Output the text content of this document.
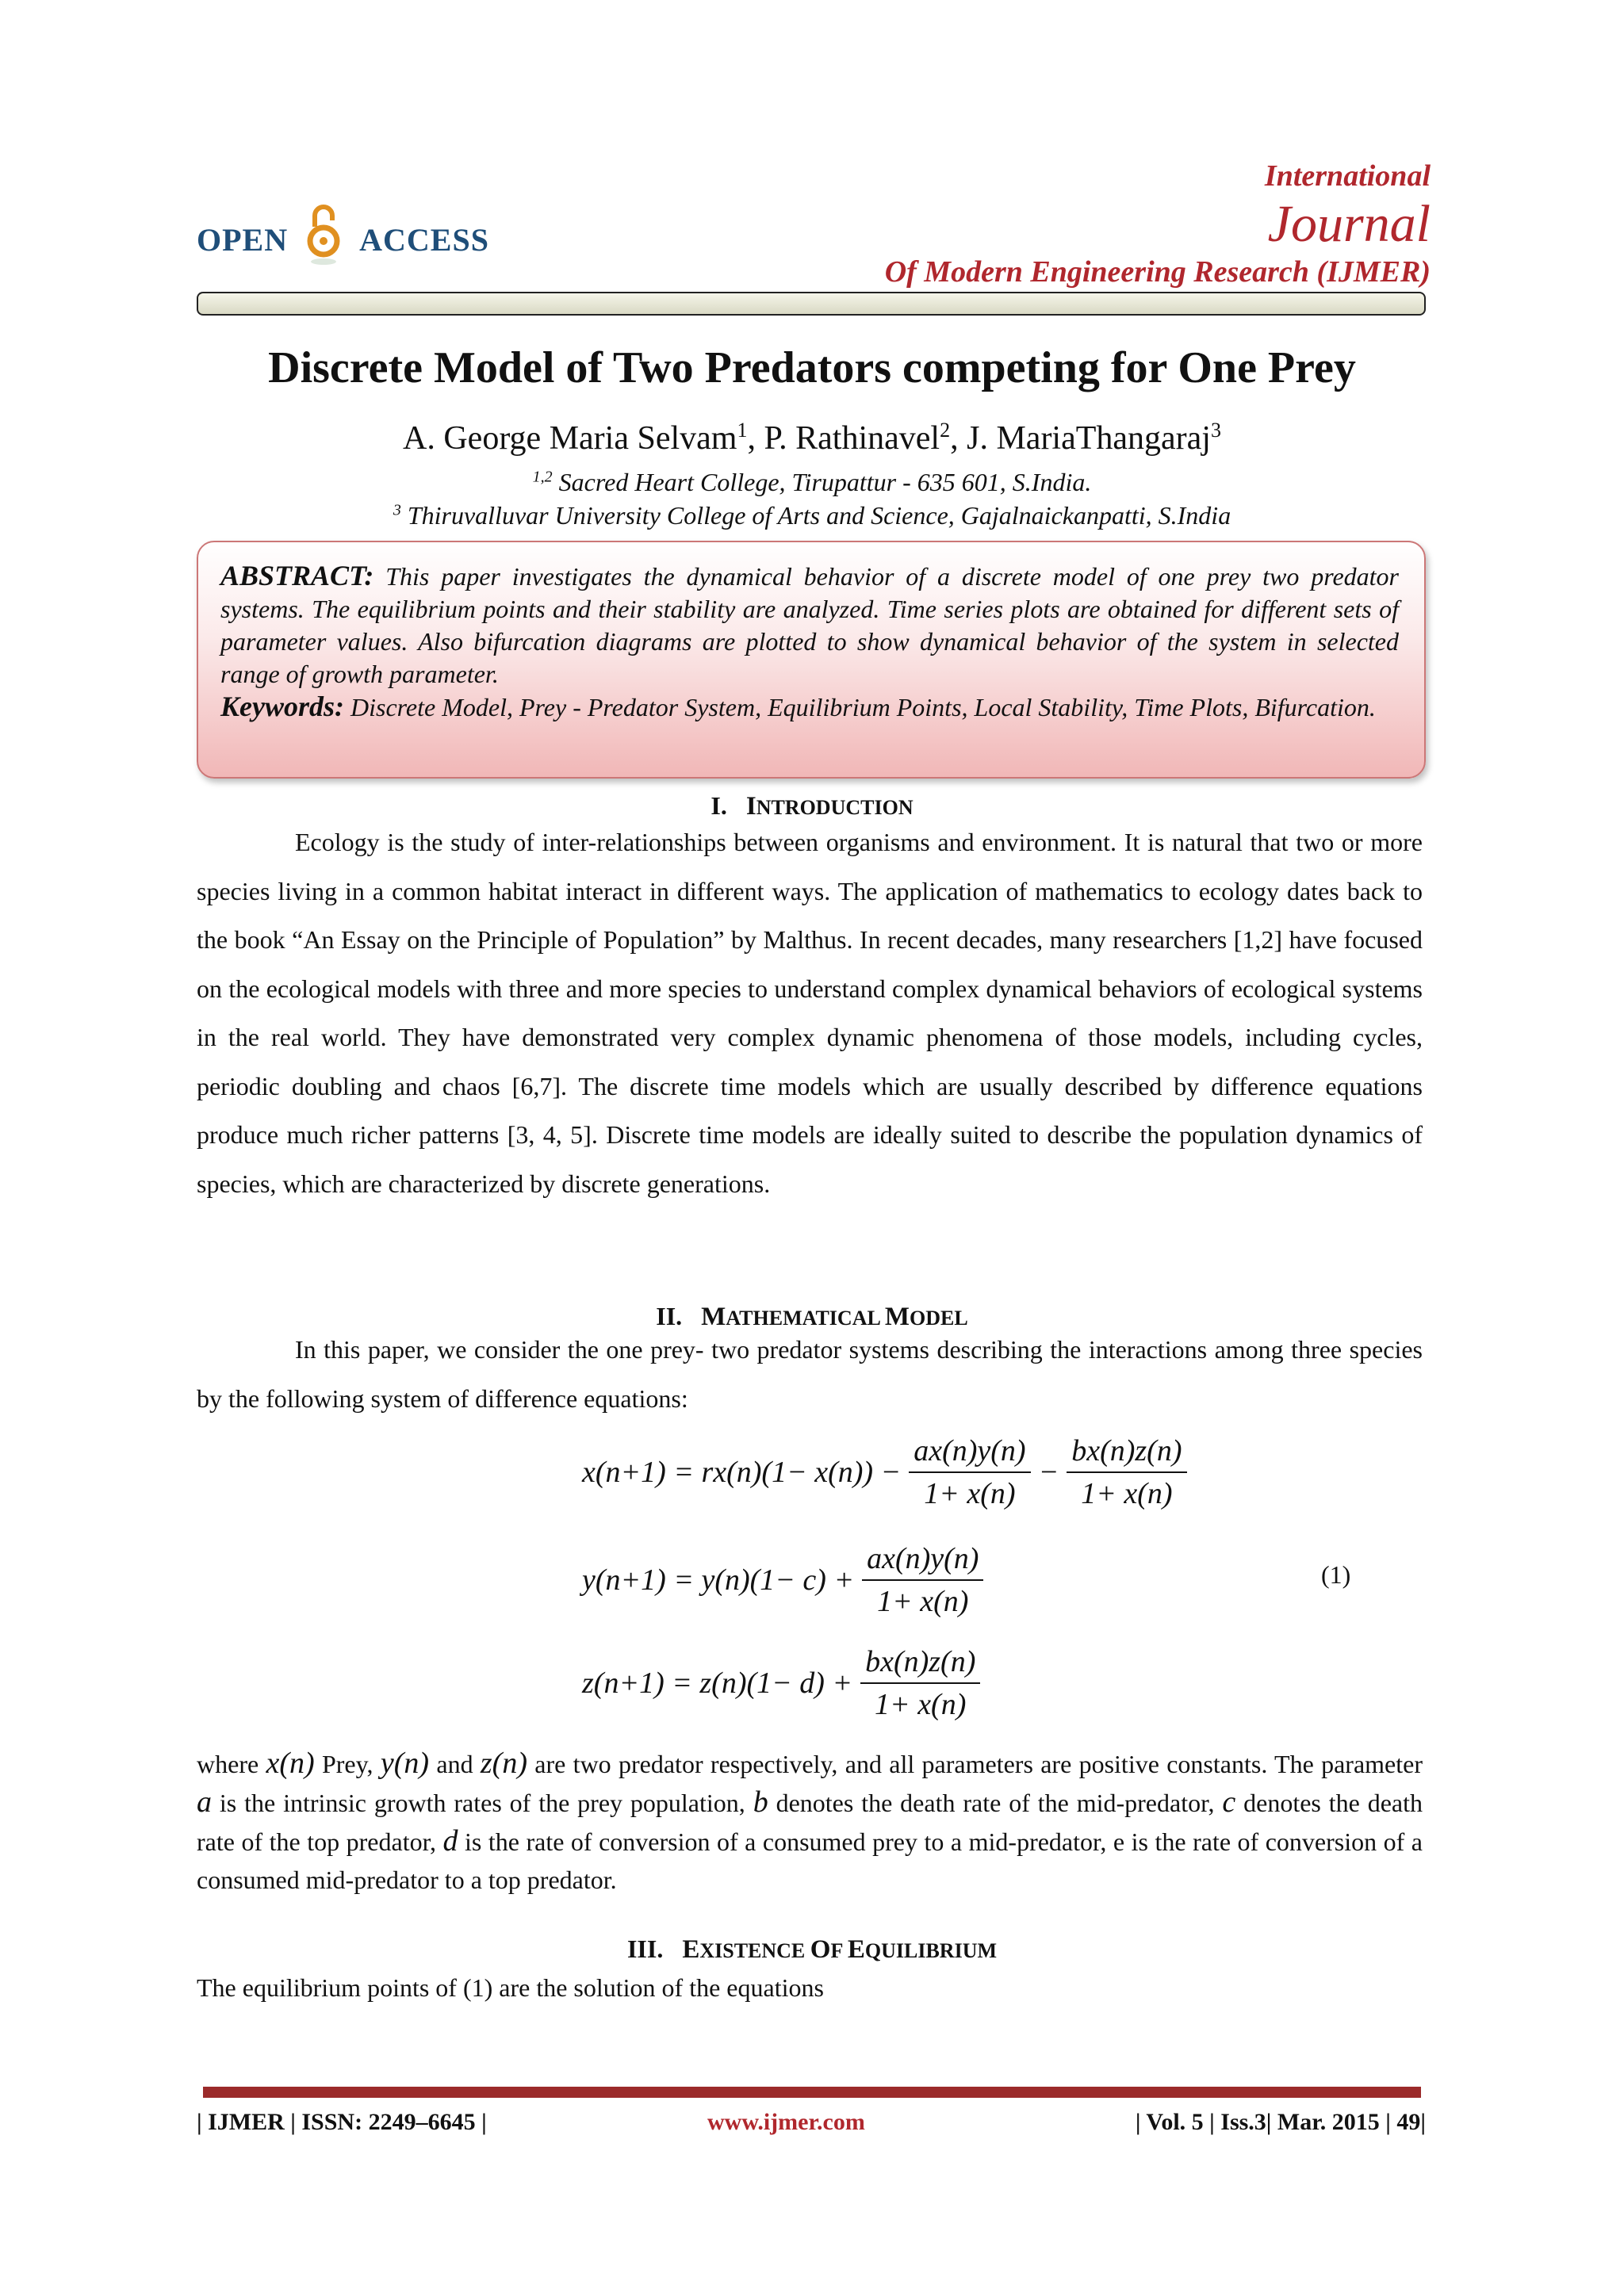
OPEN ACCESS
International
Journal
Of Modern Engineering Research (IJMER)
Discrete Model of Two Predators competing for One Prey
A. George Maria Selvam$^1$, P. Rathinavel$^2$, J. MariaThangaraj$^3$
$^{1,2}$ Sacred Heart College, Tirupattur - 635 601, S.India.
$^3$ Thiruvalluvar University College of Arts and Science, Gajalnaickanpatti, S.India
ABSTRACT: This paper investigates the dynamical behavior of a discrete model of one prey two predator systems. The equilibrium points and their stability are analyzed. Time series plots are obtained for different sets of parameter values. Also bifurcation diagrams are plotted to show dynamical behavior of the system in selected range of growth parameter.
Keywords: Discrete Model, Prey - Predator System, Equilibrium Points, Local Stability, Time Plots, Bifurcation.
I. INTRODUCTION
Ecology is the study of inter-relationships between organisms and environment. It is natural that two or more species living in a common habitat interact in different ways. The application of mathematics to ecology dates back to the book “An Essay on the Principle of Population” by Malthus. In recent decades, many researchers [1,2] have focused on the ecological models with three and more species to understand complex dynamical behaviors of ecological systems in the real world. They have demonstrated very complex dynamic phenomena of those models, including cycles, periodic doubling and chaos [6,7]. The discrete time models which are usually described by difference equations produce much richer patterns [3, 4, 5]. Discrete time models are ideally suited to describe the population dynamics of species, which are characterized by discrete generations.
II. MATHEMATICAL MODEL
In this paper, we consider the one prey- two predator systems describing the interactions among three species by the following system of difference equations:
$x(n+1) = rx(n)(1- x(n)) - \frac{ax(n)y(n)}{1+ x(n)} - \frac{bx(n)z(n)}{1+ x(n)}$
$y(n+1) = y(n)(1- c) + \frac{ax(n)y(n)}{1+ x(n)}$	(1)
$z(n+1) = z(n)(1- d) + \frac{bx(n)z(n)}{1+ x(n)}$
where x(n) Prey, y(n) and z(n) are two predator respectively, and all parameters are positive constants. The parameter a is the intrinsic growth rates of the prey population, b denotes the death rate of the mid-predator, c denotes the death rate of the top predator, d is the rate of conversion of a consumed prey to a mid-predator, e is the rate of conversion of a consumed mid-predator to a top predator.
III. EXISTENCE OF EQUILIBRIUM
The equilibrium points of (1) are the solution of the equations
| IJMER | ISSN: 2249–6645 |	www.ijmer.com	| Vol. 5 | Iss.3| Mar. 2015 | 49|
